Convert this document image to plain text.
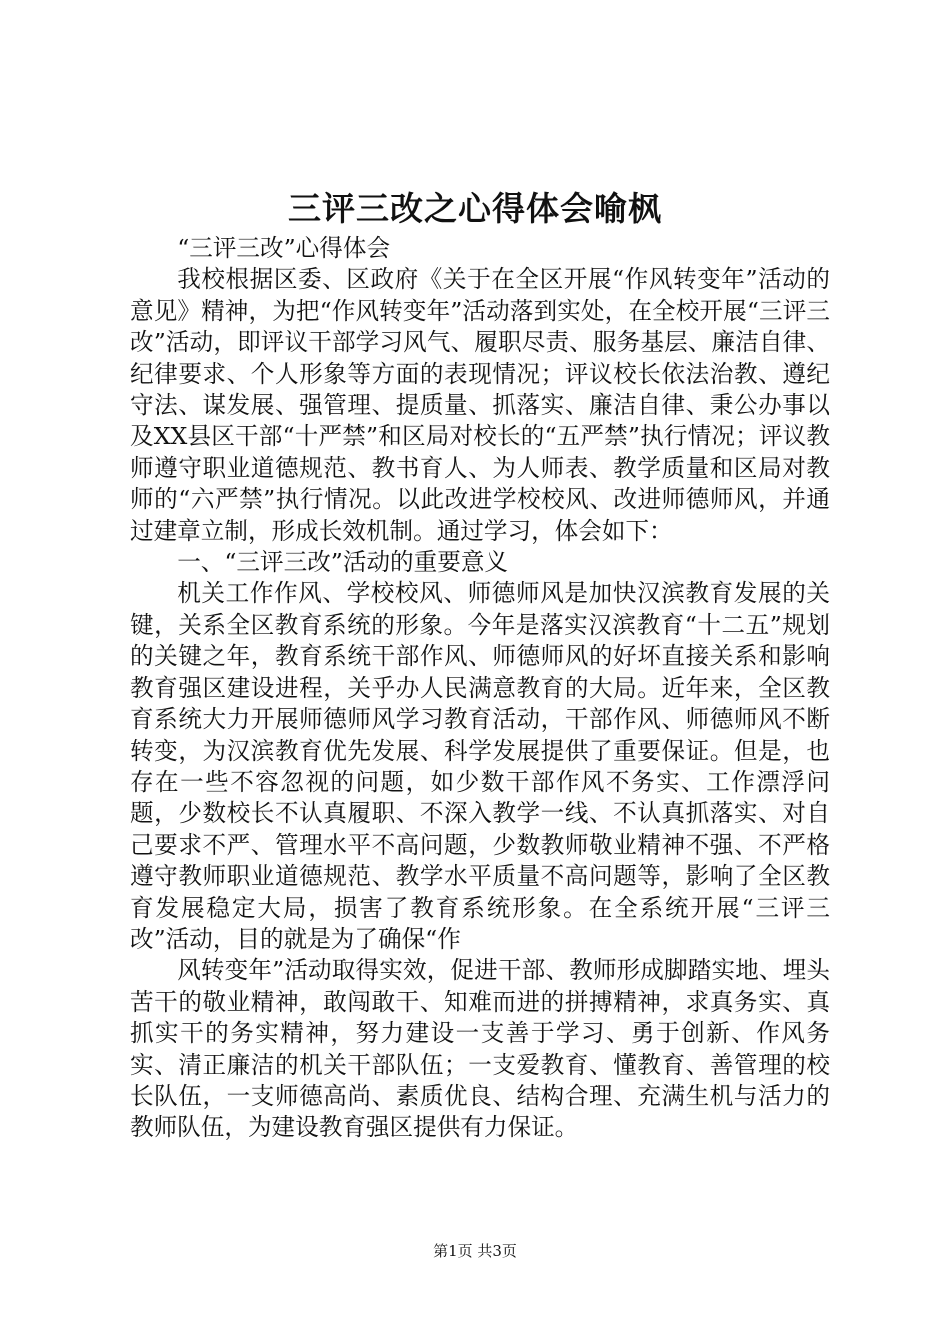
三评三改之心得体会喻枫

“三评三改”心得体会

我校根据区委、区政府《关于在全区开展“作风转变年”活动的意见》精神，为把“作风转变年”活动落到实处，在全校开展“三评三改”活动，即评议干部学习风气、履职尽责、服务基层、廉洁自律、纪律要求、个人形象等方面的表现情况；评议校长依法治教、遵纪守法、谋发展、强管理、提质量、抓落实、廉洁自律、秉公办事以及XX县区干部“十严禁”和区局对校长的“五严禁”执行情况；评议教师遵守职业道德规范、教书育人、为人师表、教学质量和区局对教师的“六严禁”执行情况。以此改进学校校风、改进师德师风，并通过建章立制，形成长效机制。通过学习，体会如下：

一、“三评三改”活动的重要意义

机关工作作风、学校校风、师德师风是加快汉滨教育发展的关键，关系全区教育系统的形象。今年是落实汉滨教育“十二五”规划的关键之年，教育系统干部作风、师德师风的好坏直接关系和影响教育强区建设进程，关乎办人民满意教育的大局。近年来，全区教育系统大力开展师德师风学习教育活动，干部作风、师德师风不断转变，为汉滨教育优先发展、科学发展提供了重要保证。但是，也存在一些不容忽视的问题，如少数干部作风不务实、工作漂浮问题，少数校长不认真履职、不深入教学一线、不认真抓落实、对自己要求不严、管理水平不高问题，少数教师敬业精神不强、不严格遵守教师职业道德规范、教学水平质量不高问题等，影响了全区教育发展稳定大局，损害了教育系统形象。在全系统开展“三评三改”活动，目的就是为了确保“作

风转变年”活动取得实效，促进干部、教师形成脚踏实地、埋头苦干的敬业精神，敢闯敢干、知难而进的拼搏精神，求真务实、真抓实干的务实精神，努力建设一支善于学习、勇于创新、作风务实、清正廉洁的机关干部队伍；一支爱教育、懂教育、善管理的校长队伍，一支师德高尚、素质优良、结构合理、充满生机与活力的教师队伍，为建设教育强区提供有力保证。

第1页 共3页
